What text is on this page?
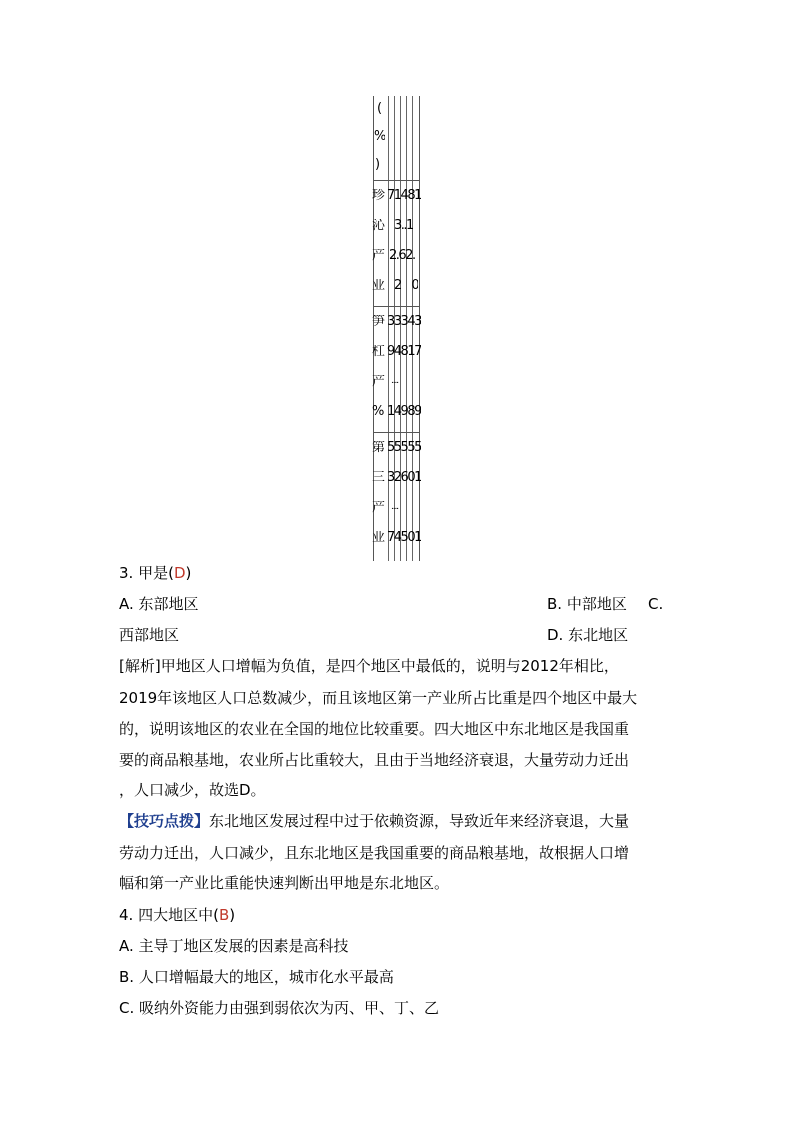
(
%
)
珍
沁
产
业
71481
3..1
2.62.
2 0
笋
杠
产
%
33343
94817
. . . . .
14989
第
三
产
业
55555
32601
. . . . .
74501
3. 甲是(D)
A. 东部地区	B. 中部地区 C.
西部地区	D. 东北地区
[解析]甲地区人口增幅为负值，是四个地区中最低的，说明与2012年相比，
2019年该地区人口总数减少，而且该地区第一产业所占比重是四个地区中最大
的，说明该地区的农业在全国的地位比较重要。四大地区中东北地区是我国重
要的商品粮基地，农业所占比重较大，且由于当地经济衰退，大量劳动力迁出
，人口减少，故选D。
【技巧点拨】东北地区发展过程中过于依赖资源，导致近年来经济衰退，大量
劳动力迁出，人口减少，且东北地区是我国重要的商品粮基地，故根据人口增
幅和第一产业比重能快速判断出甲地是东北地区。
4. 四大地区中(B)
A. 主导丁地区发展的因素是高科技
B. 人口增幅最大的地区，城市化水平最高
C. 吸纳外资能力由强到弱依次为丙、甲、丁、乙
